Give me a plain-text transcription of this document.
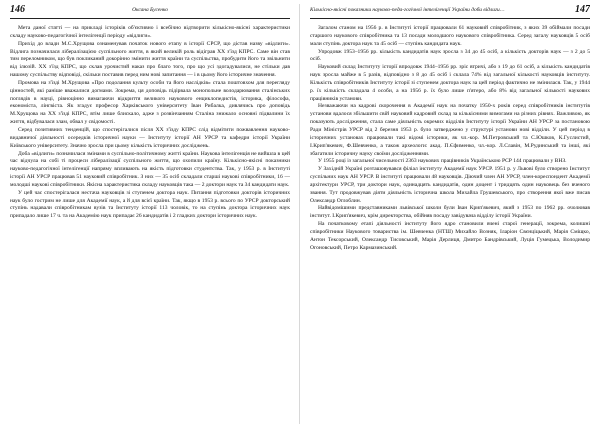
146	Оксана Бусенко

Мета даної статті — на прикладі історіків об'єктивно і всебічно відтворити кількісно-якісні характеристики складу науково-педагогічної інтелігенції періоду «відлиги».

Прихід до влади М.С.Хрущова ознаменував початок нового етапу в історії СРСР, що дістав назву «відлиги». Відлига позначилася лібералізацією суспільного життя, в який великій роль відіграв ХХ з'їзд КПРС. Саме він став тим переломником, що був покликаний докорінно змінити життя країни та суспільства, пробудити його та звільнити від ілюзій. ХХ з'їзд КПРС, що склав урочистий наказ про благо того, про що усі здогадувалися, не стільки дав нашому суспільству відповіді, скільки поставив перед ним нові запитання — і в цьому його історичне значення.

Промова на з'їзді М.Хрущова «Про подолання культу особи та його наслідків» стала поштовхом для перегляду цінностей, які раніше вважалися догмами. Зокрема, ця доповідь підірвала монопольне володарювання сталінських поглядів в науці, рівноцінно вимагаючи відкриття великого наукового енциклопедистів, історика, філософа, економіста, лінгвіста. Як згадує професор Харківського університету Іван Рибалка, дивлячись про доповідь М.Хрущова на ХХ з'їзді КПРС, втім лише блискало, адже з розвінчанням Сталіна знижало основні підвалини їх життя, відбувалася злам, обвал у свідомості.

Серед позитивних тенденцій, що спостерігалися після ХХ з'їзду КПРС слід відмітити пожвавлення науково-видавничої діяльності осередків історичної науки — Інституту історії АН УРСР та кафедри історії України Київського університету. Значно зросла при цьому кількість історичних досліджень.

Доба «відлиги» позначилася змінами в суспільно-політичному житті країни. Наукова інтелігенція не вийшла в цей час відчула на собі ті процеси лібералізації суспільного життя, що охопили країну. Кількісно-якісні показники науково-педагогічної інтелігенції напряму впливають на якість підготовки студентства. Так, у 1953 р. в Інституті історії АН УРСР працював 51 науковий співробітник. З них — 35 осіб складали старші наукові співробітники, 16 — молодші наукові співробітники. Якісна характеристика складу науковців така — 2 доктори наук та 34 кандидати наук.

У цей час спостерігалася нестача науковців зі ступенем доктора наук. Питання підготовки докторів історичних наук було гострим не лише для Академії наук, а й для всієї країни. Так, якщо в 1953 р. всього по УРСР докторський ступінь надавали співробітникам вузів та Інституту історії 113 чоловік, то на ступінь доктора історичних наук припадало лише 17 ч. та на Академію наук припадає 26 кандидатів і 2 гладких доктори історичних наук.

Кількісно-якісні показники науково-педа-гогічної інтелігенції України доби відлиги…	147

Загалом станом на 1956 р. в Інституті історії працювали 61 науковий співробітник, з яких 39 обіймали посади старшого наукового співробітника та 13 посади молодшого наукового співробітника. Серед загалу науковців 5 осіб мали ступінь доктора наук та 45 осіб — ступінь кандидата наук.

Упродовж 1953–1956 рр. кількість кандидатів наук зросла з 34 до 45 осіб, а кількість докторів наук — з 2 до 5 осіб.

Науковий склад Інституту історії впродовж 1944–1956 рр. зріс втричі, або з 19 до 61 осіб, а кількість кандидатів наук зросла майже в 5 разів, відповідно з 8 до 45 осіб і склала 74% від загальної кількості науковців інституту. Кількість співробітників Інституту історії зі ступенем доктора наук за цей період фактично не змінилася. Так, у 1944 р. їх кількість складала 4 особи, а на 1956 р. їх було лише п'ятеро, або 8% від загальної кількості наукових працівників установи.

Незважаючи на кадрові скорочення в Академії наук на початку 1950-х років серед співробітників інститутів установи вдалося збільшити свій науковий кадровий склад за кількісними вимогами на різних рівнях. Важливою, як показують дослідження, стала саме діяльність окремих відділів Інституту історії України АН УРСР за постановою Ради Міністрів УРСР від 2 березня 1953 р. було затверджено у структурі установи нові відділи. У цей період в історичних установах працювали такі відомі історики, як чл.-кор. М.Петровський та С.Юшков, К.Гуслистий, І.Крип'якевич, Ф.Шевченко, а також археологи: акад. П.Єфименко, чл.-кор. Л.Славін, М.Рудинський та інші, які збагатили історичну науку своїми дослідженнями.

У 1955 році із загальної чисельності 2363 наукових працівників Українською РСР 144 працювали у ВНЗ.

У Західній Україні розташовувався філіал інституту Академії наук УРСР. 1951 р. у Львові було створено Інститут суспільних наук АН УРСР. В інституті працювали 48 науковців. Діючий член АН УРСР, член-кореспондент Академії архітектури УРСР, три доктори наук, одинадцять кандидатів, один доцент і тридцять один науковець без вченого звання. Тут продовжував діяти діяльність історична школа Михайла Грушевського, про створення якої вже писав Олександр Оглоблин.

Найвідомішими представниками львівської школи були Іван Крип'якевич, який з 1953 по 1962 рр. очолював інститут. І.Крип'якевич, крім директорства, обійняв посаду завідувача відділу історії України.

На початковому етапі діяльності інституту його ядро становили вчені старої генерації, зокрема, колишні співробітники Наукового товариства ім. Шевченка (НТШ) Михайло Возняк, Іларіон Свєнціцький, Марія Сміщко, Антон Тексорський, Олександр Тисовський, Марія Дерлиця, Дмитро Бандрівський, Луція Гумецька, Володимир Огоновський, Петро Кармазинський.
